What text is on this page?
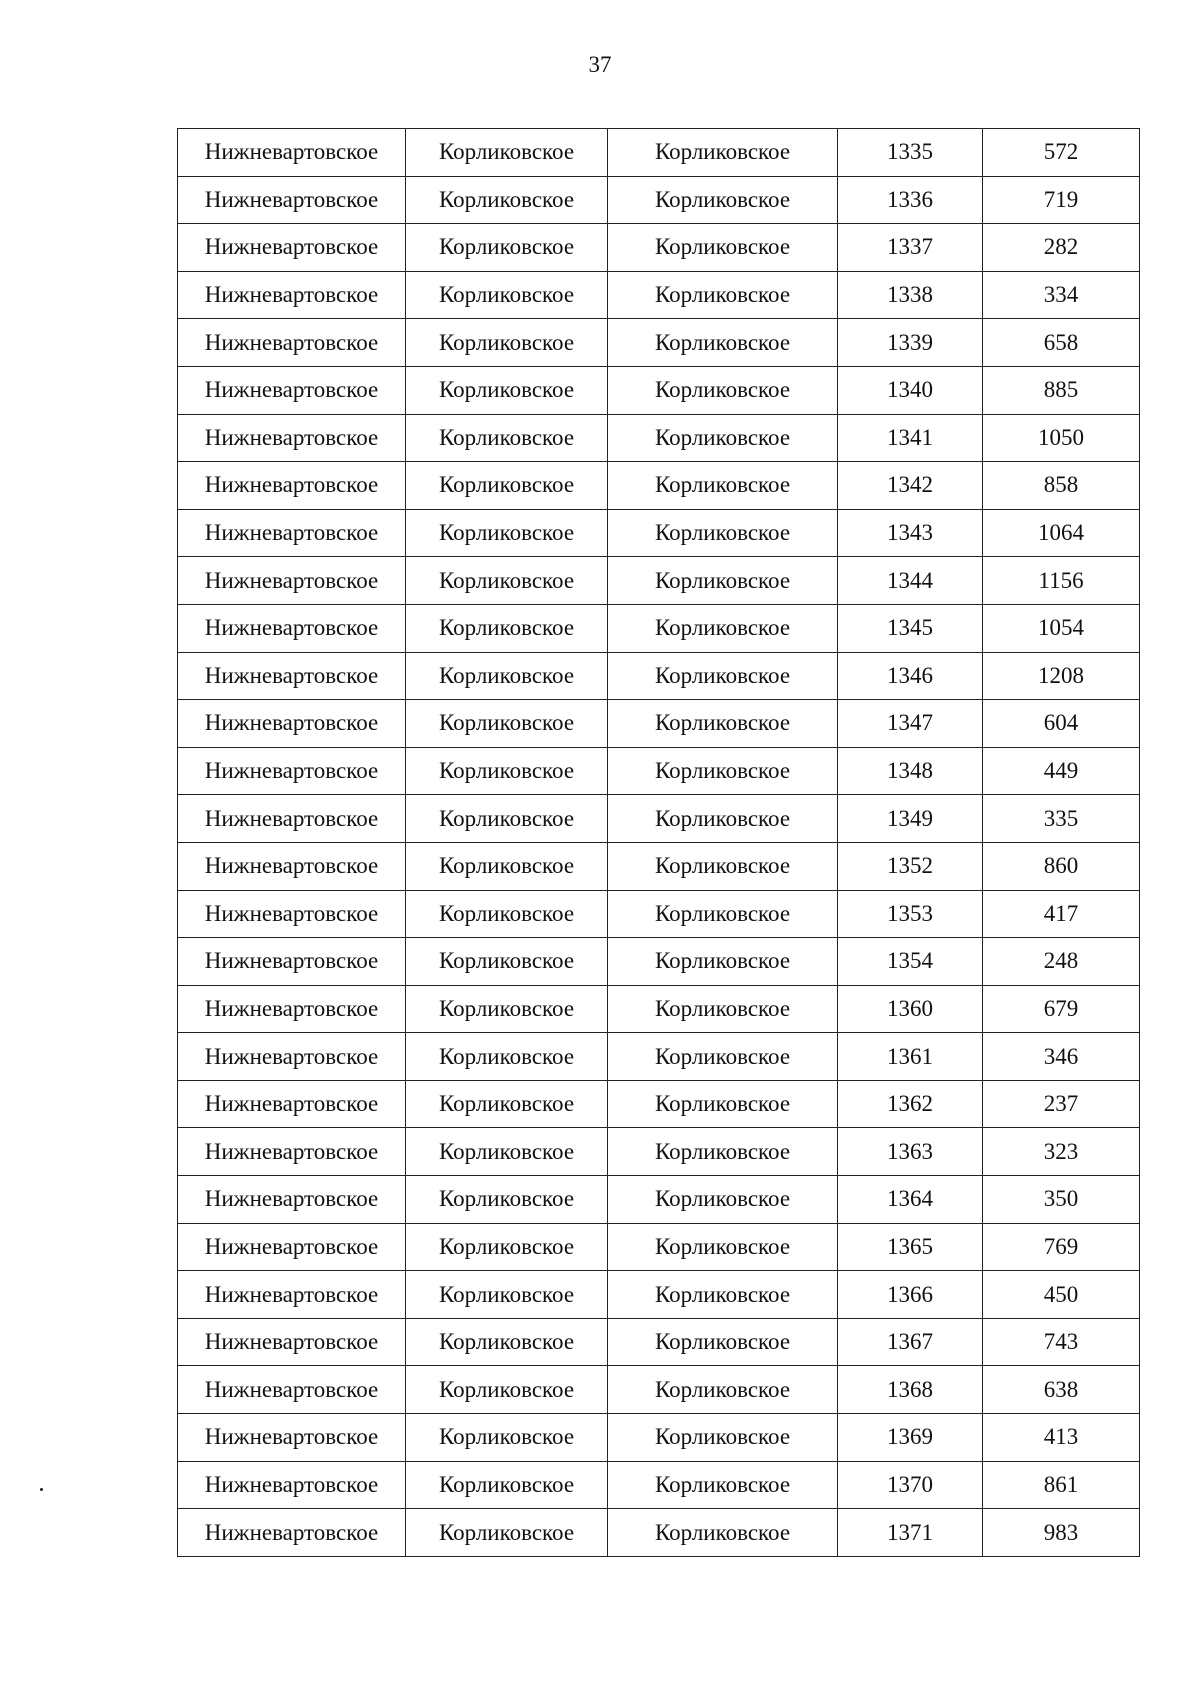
37
Нижневартовское	Корликовское	Корликовское	1335	572
Нижневартовское	Корликовское	Корликовское	1336	719
Нижневартовское	Корликовское	Корликовское	1337	282
Нижневартовское	Корликовское	Корликовское	1338	334
Нижневартовское	Корликовское	Корликовское	1339	658
Нижневартовское	Корликовское	Корликовское	1340	885
Нижневартовское	Корликовское	Корликовское	1341	1050
Нижневартовское	Корликовское	Корликовское	1342	858
Нижневартовское	Корликовское	Корликовское	1343	1064
Нижневартовское	Корликовское	Корликовское	1344	1156
Нижневартовское	Корликовское	Корликовское	1345	1054
Нижневартовское	Корликовское	Корликовское	1346	1208
Нижневартовское	Корликовское	Корликовское	1347	604
Нижневартовское	Корликовское	Корликовское	1348	449
Нижневартовское	Корликовское	Корликовское	1349	335
Нижневартовское	Корликовское	Корликовское	1352	860
Нижневартовское	Корликовское	Корликовское	1353	417
Нижневартовское	Корликовское	Корликовское	1354	248
Нижневартовское	Корликовское	Корликовское	1360	679
Нижневартовское	Корликовское	Корликовское	1361	346
Нижневартовское	Корликовское	Корликовское	1362	237
Нижневартовское	Корликовское	Корликовское	1363	323
Нижневартовское	Корликовское	Корликовское	1364	350
Нижневартовское	Корликовское	Корликовское	1365	769
Нижневартовское	Корликовское	Корликовское	1366	450
Нижневартовское	Корликовское	Корликовское	1367	743
Нижневартовское	Корликовское	Корликовское	1368	638
Нижневартовское	Корликовское	Корликовское	1369	413
Нижневартовское	Корликовское	Корликовское	1370	861
Нижневартовское	Корликовское	Корликовское	1371	983
